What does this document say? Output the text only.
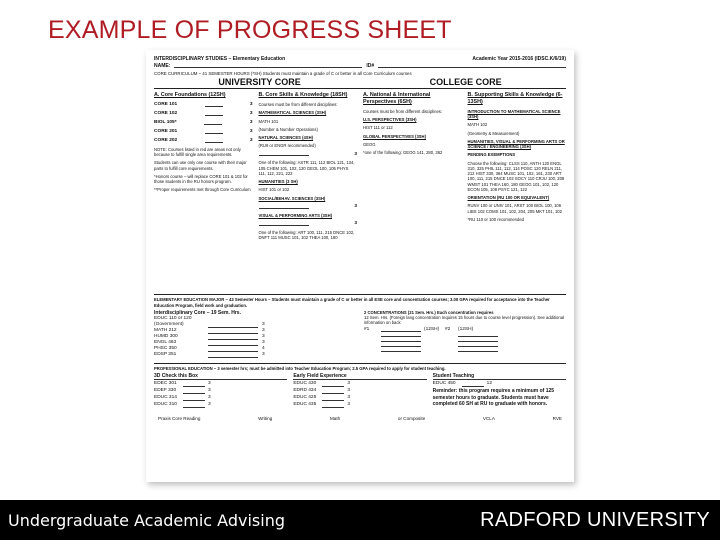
EXAMPLE OF PROGRESS SHEET
INTERDISCIPLINARY STUDIES – Elementary Education	Academic Year 2015-2016 (IDSC.K/6/19)
NAME:	ID#
CORE CURRICULUM – 41 SEMESTER HOURS (*SH) Students must maintain a grade of C or better in all Core Curriculum courses
UNIVERSITY CORE	COLLEGE CORE
A. Core Foundations (12SH)
CORE 101	3
CORE 102	3
BIOL 105*	3
CORE 201	3
CORE 202	3
NOTE: Courses listed in red are areas not only because to fulfill single area requirements.
Students can use only one course with their major parts to fulfill core requirements.
*Honors course – will replace CORE 101 & 102 for those students in the RU honors program.
**Proper requirements met through Core Curriculum
B. Core Skills & Knowledge (18SH)
Courses must be from different disciplines:
MATHEMATICAL SCIENCES (3SH)
MATH 101
(Number & Number Operations)
NATURAL SCIENCES (4SH)
(RU9 or ENGR recommended)
3
One of the following: ASTR 111, 112 BIOL 121, 134, 105 CHEM 101, 102, 120 GEOL 100, 105 PHYS 111, 112, 221, 222
HUMANITIES (3 SH)
HIST 101 or 102
SOCIAL/BEHAV. SCIENCES (3SH)
3
VISUAL & PERFORMING ARTS (3SH)
3
One of the following: ART 100, 111, 215 DNCE 102, DNFT 111 MUSC 101, 102 THEA 100, 180
A. National & International Perspectives (6SH)
Courses must be from different disciplines:
U.S. PERSPECTIVES (3SH)
HIST 111 or 112
GLOBAL PERSPECTIVES (3SH)
GEOG
*one of the following: GEOG 141, 280, 362
B. Supporting Skills & Knowledge (6-13SH)
INTRODUCTION TO MATHEMATICAL SCIENCE (3SH)
MATH 102
(Geometry & Measurement)
HUMANITIES, VISUAL & PERFORMING ARTS OR SCIENCE / ENGINEERING (3SH)
PENDING EXEMPTIONS
Choose the following: CLSS 110, ANTH 120 ENGL 310, 325 PHIL 111, 112, 114 POSC 120 RELN 211, 212 HIST 330, 364 MUSC 101, 102, 161, 230 ART 100, 111, 215 DNCE 102 SOCY 110 CRJU 100, 208 WMST 101 THEA 160, 180 GEOG 101, 102, 120 ECON 105, 106 PSYC 121, 122
ORIENTATION (RU 100 OR EQUIVALENT)
RUNV 100 or UNIV 101, ARST 100 BIOL 100, 106 LIBS 102 COMS 101, 102, 204, 205 MKT 101, 102
*RU 110 or 100 recommended
ELEMENTARY EDUCATION MAJOR – 43 Semester Hours – Students must maintain a grade of C or better in all ESE core and concentration courses; 3.00 GPA required for acceptance into the Teacher Education Program, field work and graduation.
Interdisciplinary Core – 19 Sem. Hrs.
EDUC 110 or 120 (Government)	3
MATH 212	3
HUMD 300	3
ENGL 463	3
PHSC 350	4
EDSP 351	3
2 CONCENTRATIONS (21 Sem. Hrs.) Each concentration requires
12 Sem. Hrs. (Foreign lang concentration requires 15 hours due to course level progression). See additional information on back
#1	(12SH)	#2	(12SH)
PROFESSIONAL EDUCATION – 3 semester hrs; must be admitted into Teacher Education Program; 2.5 GPA required to apply for student teaching.
3D Check this Box
EDEC 301	3
EDEF 330	3
EDUC 314	3
EDUC 310	3
Early Field Experience
EDUC 430	3
EDRD 434	3
EDUC 425	3
EDUC 435	3
Student Teaching
EDUC 450	12
Reminder: this program requires a minimum of 125 semester hours to graduate. Students must have completed 60 SH at RU to graduate with honors.
Praxis Core Reading	Writing	Math	or Composite	VCLA	RVE
Undergraduate Academic Advising	RADFORD UNIVERSITY
